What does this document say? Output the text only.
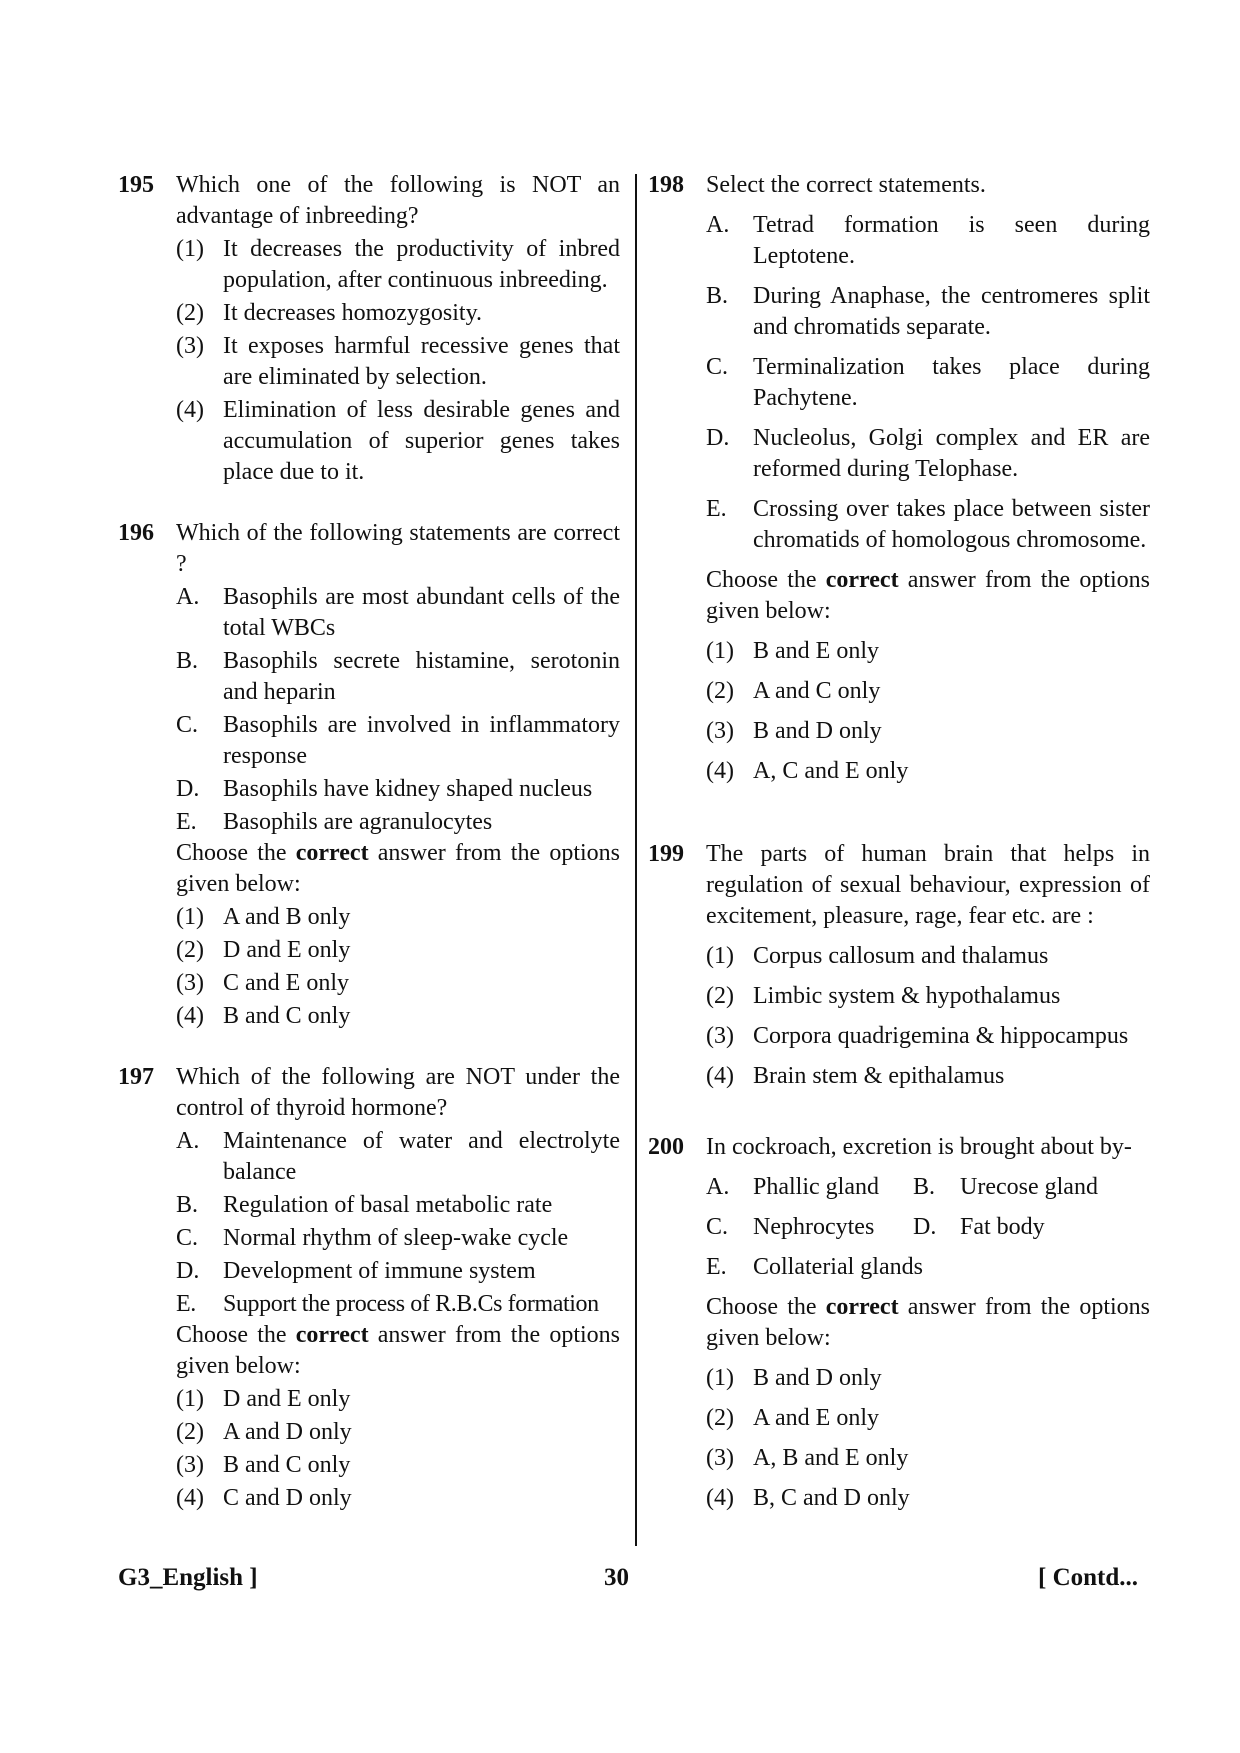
195 Which one of the following is NOT an advantage of inbreeding?
(1) It decreases the productivity of inbred population, after continuous inbreeding.
(2) It decreases homozygosity.
(3) It exposes harmful recessive genes that are eliminated by selection.
(4) Elimination of less desirable genes and accumulation of superior genes takes place due to it.
196 Which of the following statements are correct ?
A. Basophils are most abundant cells of the total WBCs
B. Basophils secrete histamine, serotonin and heparin
C. Basophils are involved in inflammatory response
D. Basophils have kidney shaped nucleus
E. Basophils are agranulocytes
Choose the correct answer from the options given below:
(1) A and B only
(2) D and E only
(3) C and E only
(4) B and C only
197 Which of the following are NOT under the control of thyroid hormone?
A. Maintenance of water and electrolyte balance
B. Regulation of basal metabolic rate
C. Normal rhythm of sleep-wake cycle
D. Development of immune system
E. Support the process of R.B.Cs formation
Choose the correct answer from the options given below:
(1) D and E only
(2) A and D only
(3) B and C only
(4) C and D only
198 Select the correct statements.
A. Tetrad formation is seen during Leptotene.
B. During Anaphase, the centromeres split and chromatids separate.
C. Terminalization takes place during Pachytene.
D. Nucleolus, Golgi complex and ER are reformed during Telophase.
E. Crossing over takes place between sister chromatids of homologous chromosome.
Choose the correct answer from the options given below:
(1) B and E only
(2) A and C only
(3) B and D only
(4) A, C and E only
199 The parts of human brain that helps in regulation of sexual behaviour, expression of excitement, pleasure, rage, fear etc. are :
(1) Corpus callosum and thalamus
(2) Limbic system & hypothalamus
(3) Corpora quadrigemina & hippocampus
(4) Brain stem & epithalamus
200 In cockroach, excretion is brought about by-
A. Phallic gland	B. Urecose gland
C. Nephrocytes	D. Fat body
E. Collaterial glands
Choose the correct answer from the options given below:
(1) B and D only
(2) A and E only
(3) A, B and E only
(4) B, C and D only
G3_English ]	30	[ Contd...
